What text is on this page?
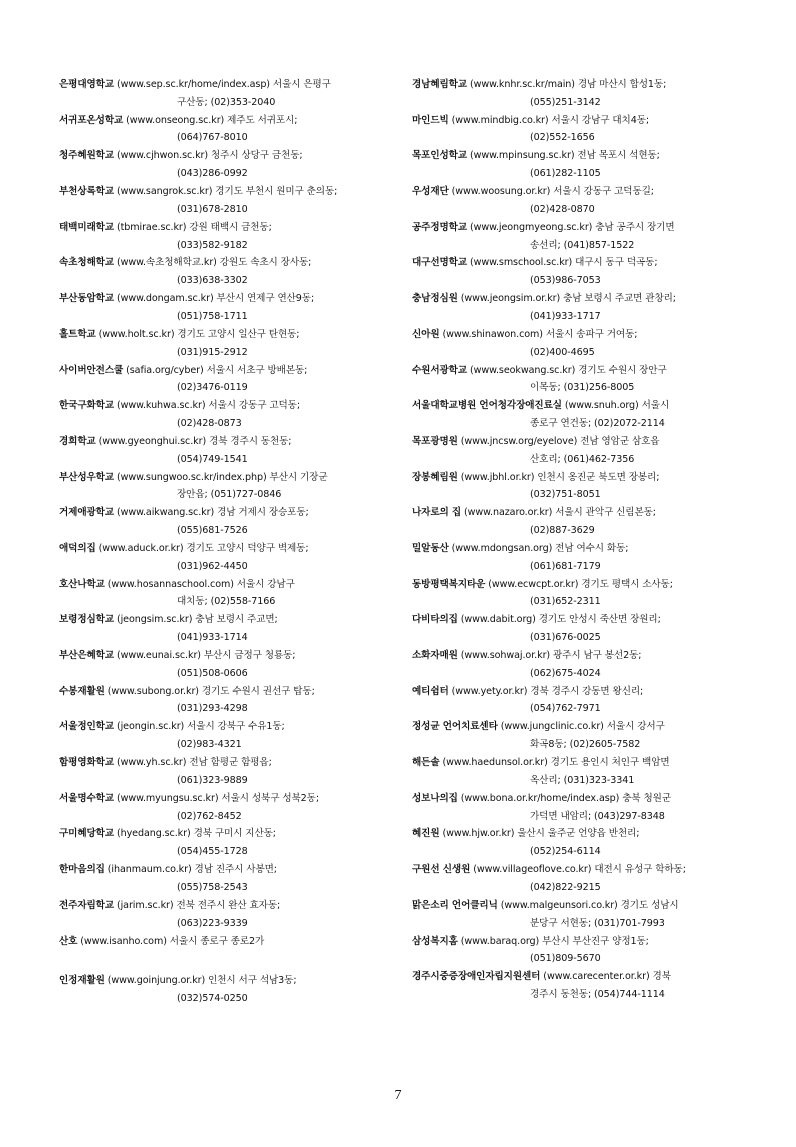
은평대영학교 (www.sep.sc.kr/home/index.asp) 서울시 은평구
구산동; (02)353-2040
서귀포온성학교 (www.onseong.sc.kr) 제주도 서귀포시;
(064)767-8010
청주혜원학교 (www.cjhwon.sc.kr) 청주시 상당구 금천동;
(043)286-0992
부천상록학교 (www.sangrok.sc.kr) 경기도 부천시 원미구 춘의동;
(031)678-2810
태백미래학교 (tbmirae.sc.kr) 강원 태백시 금천동;
(033)582-9182
속초청해학교 (www.속초청해학교.kr) 강원도 속초시 장사동;
(033)638-3302
부산동암학교 (www.dongam.sc.kr) 부산시 연제구 연산9동;
(051)758-1711
홀트학교 (www.holt.sc.kr) 경기도 고양시 일산구 탄현동;
(031)915-2912
사이버안전스쿨 (safia.org/cyber) 서울시 서초구 방배본동;
(02)3476-0119
한국구화학교 (www.kuhwa.sc.kr) 서울시 강동구 고덕동;
(02)428-0873
경희학교 (www.gyeonghui.sc.kr) 경북 경주시 동천동;
(054)749-1541
부산성우학교 (www.sungwoo.sc.kr/index.php) 부산시 기장군
장안읍; (051)727-0846
거제애광학교 (www.aikwang.sc.kr) 경남 거제시 장승포동;
(055)681-7526
애덕의집 (www.aduck.or.kr) 경기도 고양시 덕양구 벽제동;
(031)962-4450
호산나학교 (www.hosannaschool.com) 서울시 강남구
대치동; (02)558-7166
보령정심학교 (jeongsim.sc.kr) 충남 보령시 주교면;
(041)933-1714
부산은혜학교 (www.eunai.sc.kr) 부산시 금정구 청룡동;
(051)508-0606
수봉재활원 (www.subong.or.kr) 경기도 수원시 권선구 탑동;
(031)293-4298
서울정인학교 (jeongin.sc.kr) 서울시 강북구 수유1동;
(02)983-4321
함평영화학교 (www.yh.sc.kr) 전남 함평군 함평읍;
(061)323-9889
서울명수학교 (www.myungsu.sc.kr) 서울시 성북구 성북2동;
(02)762-8452
구미혜당학교 (hyedang.sc.kr) 경북 구미시 지산동;
(054)455-1728
한마음의집 (ihanmaum.co.kr) 경남 진주시 사봉면;
(055)758-2543
전주자림학교 (jarim.sc.kr) 전북 전주시 완산 효자동;
(063)223-9339
산호 (www.isanho.com) 서울시 종로구 종로2가
인정재활원 (www.goinjung.or.kr) 인천시 서구 석남3동;
(032)574-0250
경남혜림학교 (www.knhr.sc.kr/main) 경남 마산시 합성1동;
(055)251-3142
마인드빅 (www.mindbig.co.kr) 서울시 강남구 대치4동;
(02)552-1656
목포인성학교 (www.mpinsung.sc.kr) 전남 목포시 석현동;
(061)282-1105
우성재단 (www.woosung.or.kr) 서울시 강동구 고덕동길;
(02)428-0870
공주정명학교 (www.jeongmyeong.sc.kr) 충남 공주시 장기면
송선리; (041)857-1522
대구선명학교 (www.smschool.sc.kr) 대구시 동구 덕곡동;
(053)986-7053
충남정심원 (www.jeongsim.or.kr) 충남 보령시 주교면 관창리;
(041)933-1717
신아원 (www.shinawon.com) 서울시 송파구 거여동;
(02)400-4695
수원서광학교 (www.seokwang.sc.kr) 경기도 수원시 장안구
이목동; (031)256-8005
서울대학교병원 언어청각장애진료실 (www.snuh.org) 서울시
종로구 연건동; (02)2072-2114
목포광명원 (www.jncsw.org/eyelove) 전남 영암군 삼호읍
산호리; (061)462-7356
장봉혜림원 (www.jbhl.or.kr) 인천시 옹진군 북도면 장봉리;
(032)751-8051
나자로의 집 (www.nazaro.or.kr) 서울시 관악구 신림본동;
(02)887-3629
밀알동산 (www.mdongsan.org) 전남 여수시 화동;
(061)681-7179
동방평택복지타운 (www.ecwcpt.or.kr) 경기도 평택시 소사동;
(031)652-2311
다비타의집 (www.dabit.org) 경기도 안성시 죽산면 장원리;
(031)676-0025
소화자매원 (www.sohwaj.or.kr) 광주시 남구 봉선2동;
(062)675-4024
예티쉼터 (www.yety.or.kr) 경북 경주시 강동면 왕신리;
(054)762-7971
정성균 언어치료센타 (www.jungclinic.co.kr) 서울시 강서구
화곡8동; (02)2605-7582
해든솔 (www.haedunsol.or.kr) 경기도 용인시 처인구 백암면
옥산리; (031)323-3341
성보나의집 (www.bona.or.kr/home/index.asp) 충북 청원군
가덕면 내암리; (043)297-8348
혜진원 (www.hjw.or.kr) 울산시 울주군 언양읍 반천리;
(052)254-6114
구원선 신생원 (www.villageoflove.co.kr) 대전시 유성구 학하동;
(042)822-9215
맑은소리 언어클리닉 (www.malgeunsori.co.kr) 경기도 성남시
분당구 서현동; (031)701-7993
삼성복지홈 (www.baraq.org) 부산시 부산진구 양정1동;
(051)809-5670
경주시중증장애인자립지원센터 (www.carecenter.or.kr) 경북
경주시 동천동; (054)744-1114
7
